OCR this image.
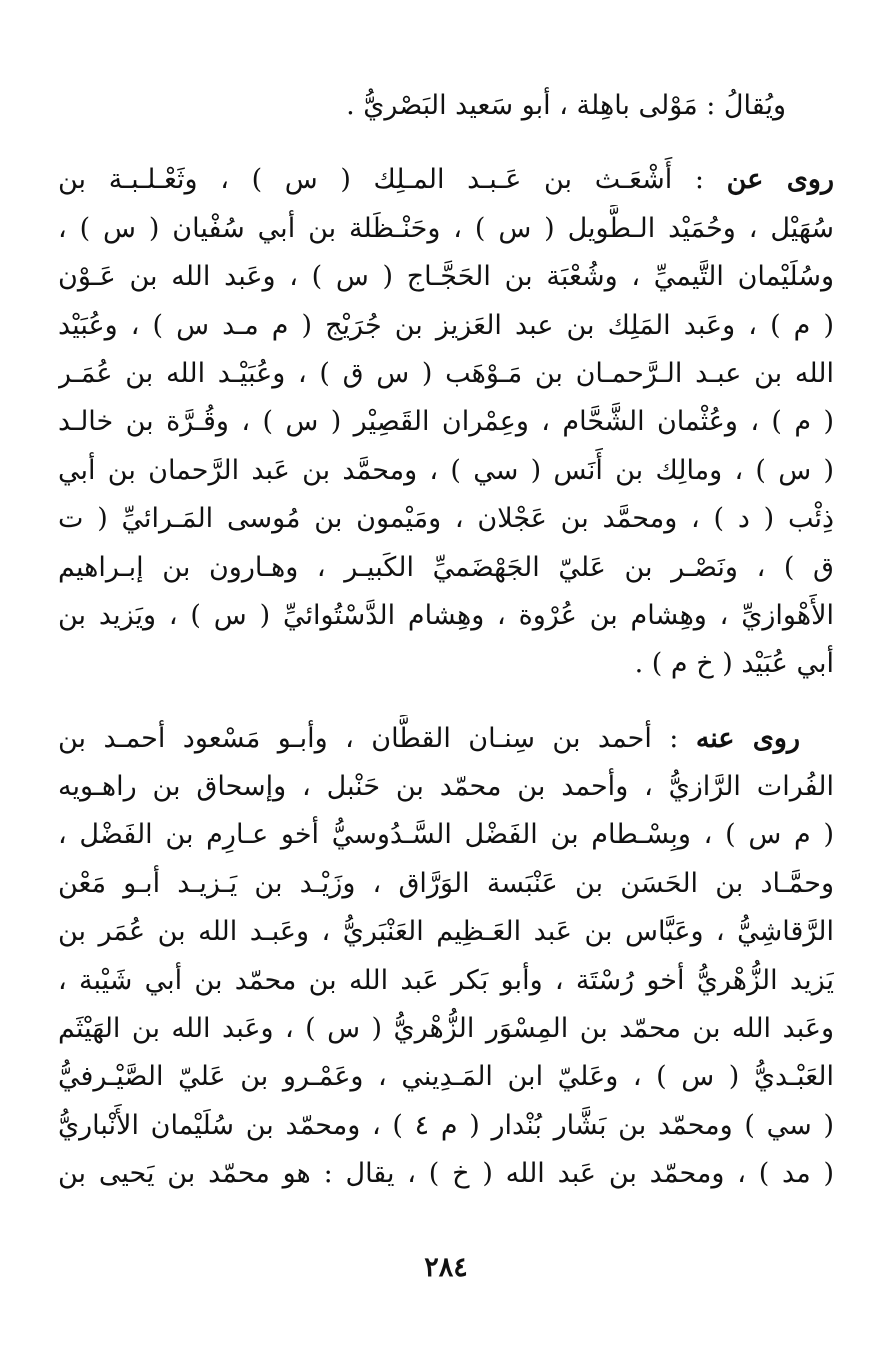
ويُقالُ : مَوْلى باهِلة ، أبو سَعيد البَصْريُّ .
روى عن : أَشْعَـث بن عَـبـد المـلِك ( س ) ، وثَعْـلـبـة بن
سُهَيْل ، وحُمَيْد الـطَّويل ( س ) ، وحَنْـظَلة بن أبي سُفْيان ( س ) ،
وسُلَيْمان التَّيميِّ ، وشُعْبَة بن الحَجَّـاج ( س ) ، وعَبد الله بن عَـوْن
( م ) ، وعَبد المَلِك بن عبد العَزيز بن جُرَيْج ( م مـد س ) ، وعُبَيْد
الله بن عبـد الـرَّحمـان بن مَـوْهَب ( س ق ) ، وعُبَيْـد الله بن عُمَـر
( م ) ، وعُثْمان الشَّحَّام ، وعِمْران القَصِيْر ( س ) ، وقُـرَّة بن خالـد
( س ) ، ومالِك بن أَنَس ( سي ) ، ومحمَّد بن عَبد الرَّحمان بن أبي
ذِئْب ( د ) ، ومحمَّد بن عَجْلان ، ومَيْمون بن مُوسى المَـرائيِّ ( ت
ق ) ، ونَصْـر بن عَليّ الجَهْضَميِّ الكَبيـر ، وهـارون بن إبـراهيم
الأَهْوازيِّ ، وهِشام بن عُرْوة ، وهِشام الدَّسْتُوائيِّ ( س ) ، ويَزيد بن
أبي عُبَيْد ( خ م ) .
روى عنه : أحمد بن سِنـان القطَّان ، وأبـو مَسْعود أحمـد بن
الفُرات الرَّازيُّ ، وأحمد بن محمّد بن حَنْبل ، وإسحاق بن راهـويه
( م س ) ، وبِسْـطام بن الفَضْل السَّـدُوسيُّ أخو عـارِم بن الفَضْل ،
وحمَّـاد بن الحَسَن بن عَنْبَسة الوَرَّاق ، وزَيْـد بن يَـزيـد أبـو مَعْن
الرَّقاشِيُّ ، وعَبَّاس بن عَبد العَـظِيم العَنْبَريُّ ، وعَبـد الله بن عُمَر بن
يَزيد الزُّهْريُّ أخو رُسْتَة ، وأبو بَكر عَبد الله بن محمّد بن أبي شَيْبة ،
وعَبد الله بن محمّد بن المِسْوَر الزُّهْريُّ ( س ) ، وعَبد الله بن الهَيْثَم
العَبْـديُّ ( س ) ، وعَليّ ابن المَـدِيني ، وعَمْـرو بن عَليّ الصَّيْـرفيُّ
( سي ) ومحمّد بن بَشَّار بُنْدار ( م ٤ ) ، ومحمّد بن سُلَيْمان الأَنْباريُّ
( مد ) ، ومحمّد بن عَبد الله ( خ ) ، يقال : هو محمّد بن يَحيى بن
٢٨٤
